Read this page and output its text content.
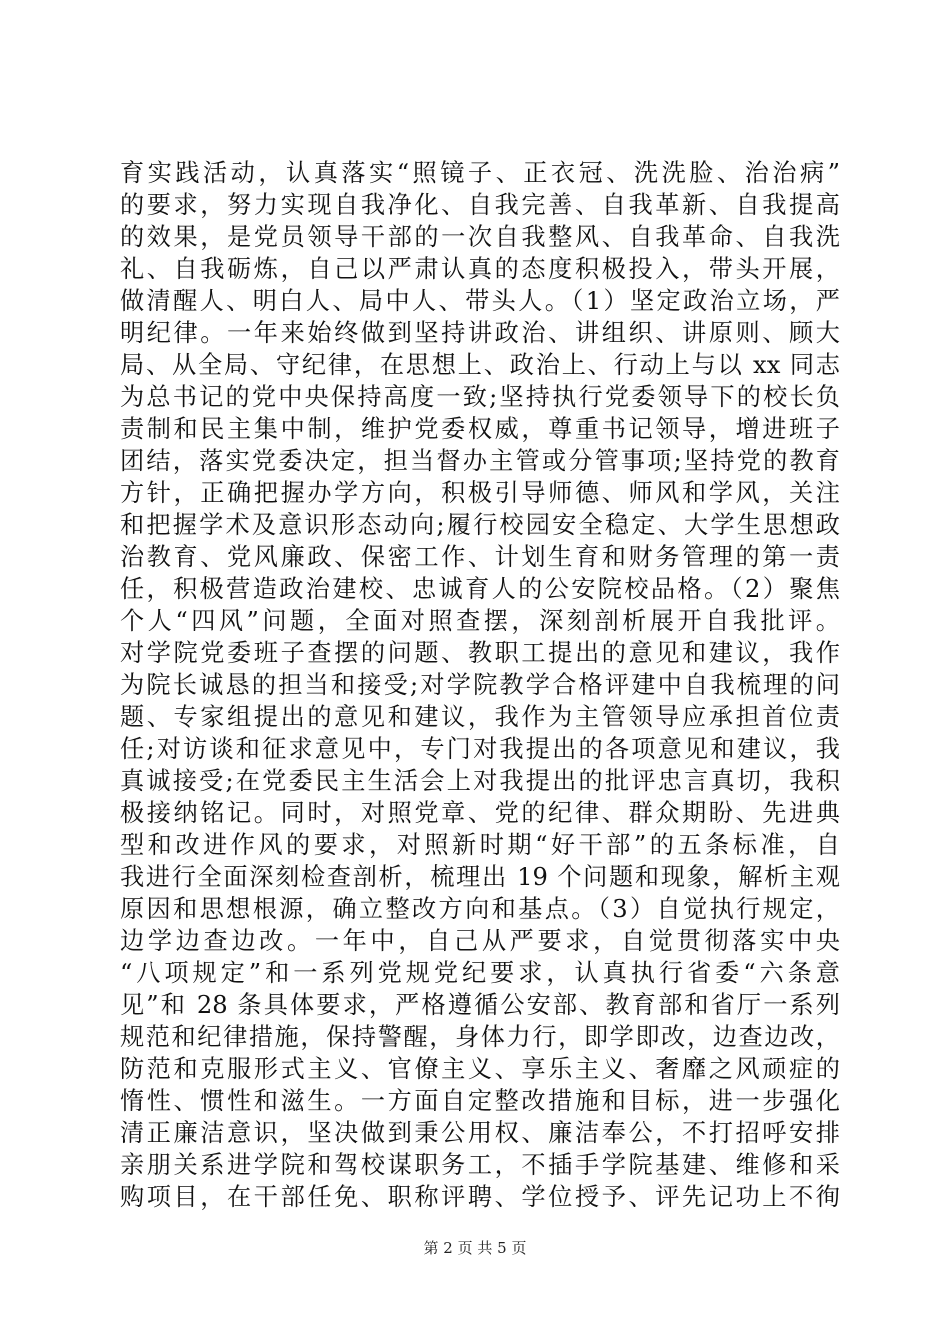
育实践活动，认真落实“照镜子、正衣冠、洗洗脸、治治病”
的要求，努力实现自我净化、自我完善、自我革新、自我提高
的效果，是党员领导干部的一次自我整风、自我革命、自我洗
礼、自我砺炼，自己以严肃认真的态度积极投入，带头开展，
做清醒人、明白人、局中人、带头人。（1）坚定政治立场，严
明纪律。一年来始终做到坚持讲政治、讲组织、讲原则、顾大
局、从全局、守纪律，在思想上、政治上、行动上与以 xx 同志
为总书记的党中央保持高度一致;坚持执行党委领导下的校长负
责制和民主集中制，维护党委权威，尊重书记领导，增进班子
团结，落实党委决定，担当督办主管或分管事项;坚持党的教育
方针，正确把握办学方向，积极引导师德、师风和学风，关注
和把握学术及意识形态动向;履行校园安全稳定、大学生思想政
治教育、党风廉政、保密工作、计划生育和财务管理的第一责
任，积极营造政治建校、忠诚育人的公安院校品格。（2）聚焦
个人“四风”问题，全面对照查摆，深刻剖析展开自我批评。
对学院党委班子查摆的问题、教职工提出的意见和建议，我作
为院长诚恳的担当和接受;对学院教学合格评建中自我梳理的问
题、专家组提出的意见和建议，我作为主管领导应承担首位责
任;对访谈和征求意见中，专门对我提出的各项意见和建议，我
真诚接受;在党委民主生活会上对我提出的批评忠言真切，我积
极接纳铭记。同时，对照党章、党的纪律、群众期盼、先进典
型和改进作风的要求，对照新时期“好干部”的五条标准，自
我进行全面深刻检查剖析，梳理出 19 个问题和现象，解析主观
原因和思想根源，确立整改方向和基点。（3）自觉执行规定，
边学边查边改。一年中，自己从严要求，自觉贯彻落实中央
“八项规定”和一系列党规党纪要求，认真执行省委“六条意
见”和 28 条具体要求，严格遵循公安部、教育部和省厅一系列
规范和纪律措施，保持警醒，身体力行，即学即改，边查边改，
防范和克服形式主义、官僚主义、享乐主义、奢靡之风顽症的
惰性、惯性和滋生。一方面自定整改措施和目标，进一步强化
清正廉洁意识，坚决做到秉公用权、廉洁奉公，不打招呼安排
亲朋关系进学院和驾校谋职务工，不插手学院基建、维修和采
购项目，在干部任免、职称评聘、学位授予、评先记功上不徇
第 2 页 共 5 页
